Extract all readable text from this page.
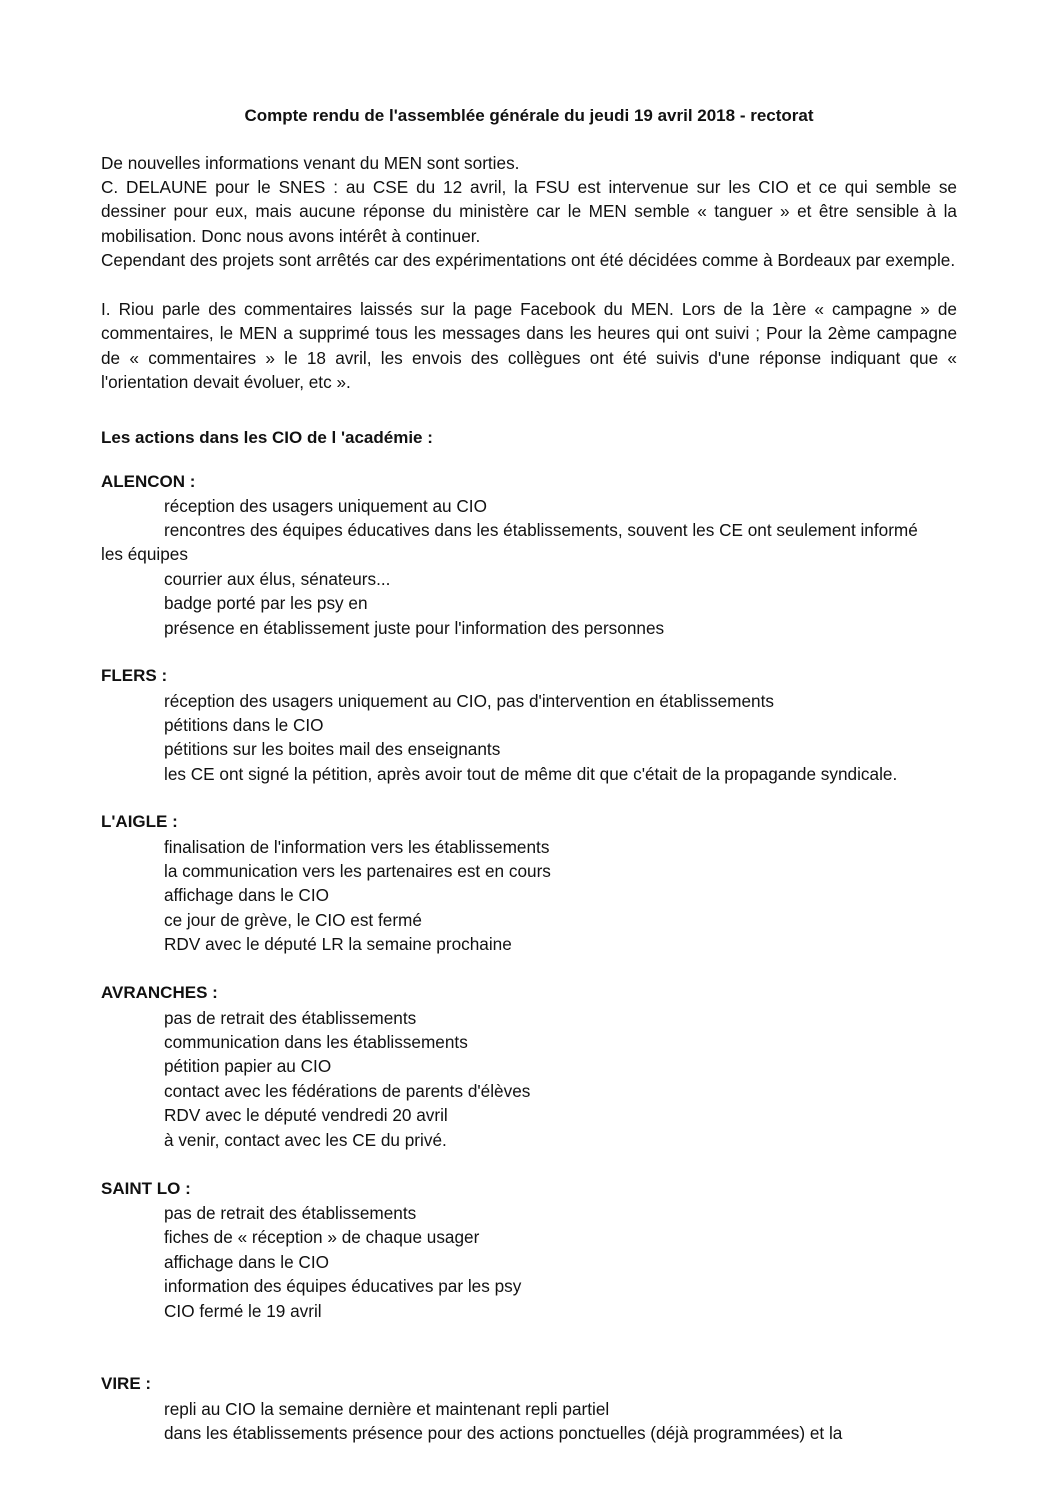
Compte rendu de l'assemblée générale du jeudi 19 avril 2018 - rectorat
De nouvelles informations venant du MEN sont sorties.
C. DELAUNE pour le SNES : au CSE du 12 avril, la FSU est intervenue sur les CIO et ce qui semble se dessiner pour eux, mais aucune réponse du ministère car le MEN semble « tanguer » et être sensible à la mobilisation. Donc nous avons intérêt à continuer.
Cependant des projets sont arrêtés car des expérimentations ont été décidées comme à Bordeaux par exemple.
I. Riou parle des commentaires laissés sur la page Facebook du MEN. Lors de la 1ère « campagne » de commentaires, le MEN a supprimé tous les messages dans les heures qui ont suivi ; Pour la 2ème campagne de « commentaires » le 18 avril, les envois des collègues ont été suivis d'une réponse indiquant que « l'orientation devait évoluer, etc ».
Les actions dans les CIO de l 'académie :
ALENCON :
réception des usagers uniquement au CIO
rencontres des équipes éducatives dans les établissements, souvent les CE ont seulement informé
les équipes
courrier aux élus, sénateurs...
badge porté par les psy en
présence en établissement juste pour l'information des personnes
FLERS :
réception des usagers uniquement au CIO, pas d'intervention en établissements
pétitions dans le CIO
pétitions sur les boites mail des enseignants
les CE ont signé la pétition, après avoir tout de même dit que c'était de la propagande syndicale.
L'AIGLE :
finalisation de l'information vers les établissements
la communication vers les partenaires est en cours
affichage dans le CIO
ce jour de grève, le CIO est fermé
RDV avec le député LR la semaine prochaine
AVRANCHES :
pas de retrait des établissements
communication dans les établissements
pétition papier au CIO
contact avec les fédérations de parents d'élèves
RDV avec le député vendredi 20 avril
à venir, contact avec les CE du privé.
SAINT LO :
pas de retrait des établissements
fiches de « réception » de chaque usager
affichage dans le CIO
information des équipes éducatives par les psy
CIO fermé le 19 avril
VIRE :
repli au CIO la semaine dernière et maintenant repli partiel
dans les établissements présence pour des actions ponctuelles (déjà programmées) et la
